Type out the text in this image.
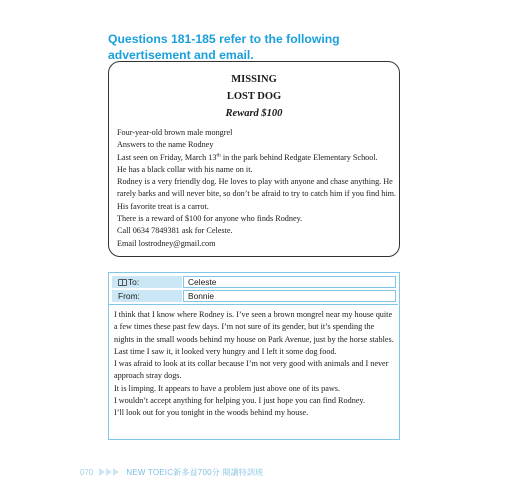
Questions 181-185 refer to the following advertisement and email.
MISSING
LOST DOG
Reward $100
Four-year-old brown male mongrel
Answers to the name Rodney
Last seen on Friday, March 13th in the park behind Redgate Elementary School.
He has a black collar with his name on it.
Rodney is a very friendly dog. He loves to play with anyone and chase anything. He rarely barks and will never bite, so don’t be afraid to try to catch him if you find him. His favorite treat is a carrot.
There is a reward of $100 for anyone who finds Rodney.
Call 0634 7849381 ask for Celeste.
Email lostrodney@gmail.com
To:	Celeste
From:	Bonnie
I think that I know where Rodney is. I’ve seen a brown mongrel near my house quite a few times these past few days. I’m not sure of its gender, but it’s spending the nights in the small woods behind my house on Park Avenue, just by the horse stables.
Last time I saw it, it looked very hungry and I left it some dog food.
I was afraid to look at its collar because I’m not very good with animals and I never approach stray dogs.
It is limping. It appears to have a problem just above one of its paws.
I wouldn’t accept anything for helping you. I just hope you can find Rodney.
I’ll look out for you tonight in the woods behind my house.
070	NEW TOEIC新多益700分 閱讀特訓班
